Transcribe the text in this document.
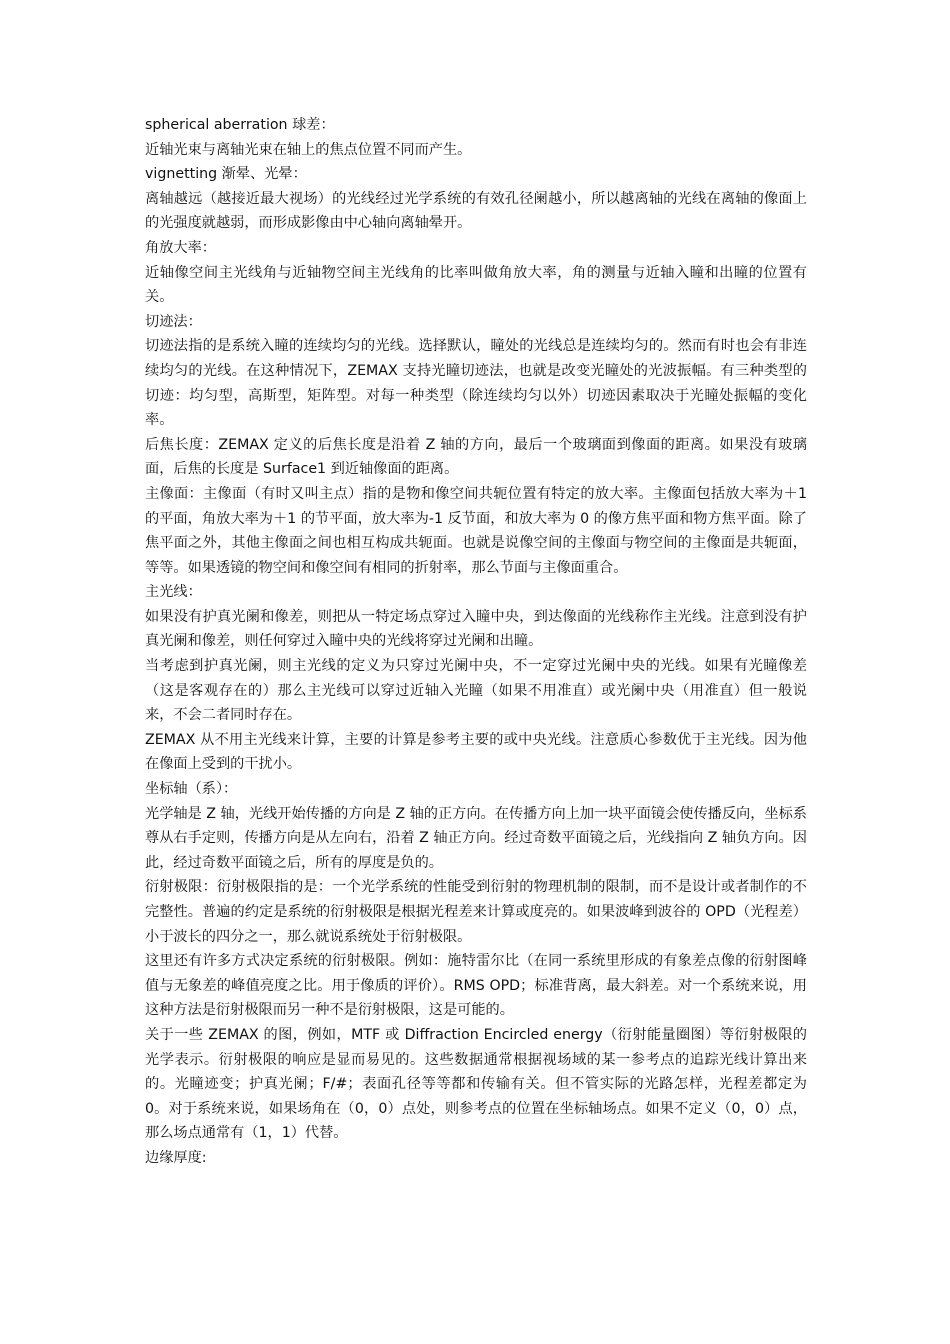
spherical aberration 球差：

近轴光束与离轴光束在轴上的焦点位置不同而产生。

vignetting 渐晕、光晕：

离轴越远（越接近最大视场）的光线经过光学系统的有效孔径阑越小，所以越离轴的光线在离轴的像面上的光强度就越弱，而形成影像由中心轴向离轴晕开。

角放大率：

近轴像空间主光线角与近轴物空间主光线角的比率叫做角放大率，角的测量与近轴入瞳和出瞳的位置有关。

切迹法：

切迹法指的是系统入瞳的连续均匀的光线。选择默认，瞳处的光线总是连续均匀的。然而有时也会有非连续均匀的光线。在这种情况下，ZEMAX 支持光瞳切迹法，也就是改变光瞳处的光波振幅。有三种类型的切迹：均匀型，高斯型，矩阵型。对每一种类型（除连续均匀以外）切迹因素取决于光瞳处振幅的变化率。

后焦长度：ZEMAX 定义的后焦长度是沿着 Z 轴的方向，最后一个玻璃面到像面的距离。如果没有玻璃面，后焦的长度是 Surface1 到近轴像面的距离。

主像面：主像面（有时又叫主点）指的是物和像空间共轭位置有特定的放大率。主像面包括放大率为＋1 的平面，角放大率为＋1 的节平面，放大率为-1 反节面，和放大率为 0 的像方焦平面和物方焦平面。除了焦平面之外，其他主像面之间也相互构成共轭面。也就是说像空间的主像面与物空间的主像面是共轭面，等等。如果透镜的物空间和像空间有相同的折射率，那么节面与主像面重合。

主光线：

如果没有护真光阑和像差，则把从一特定场点穿过入瞳中央，到达像面的光线称作主光线。注意到没有护真光阑和像差，则任何穿过入瞳中央的光线将穿过光阑和出瞳。

当考虑到护真光阑，则主光线的定义为只穿过光阑中央，不一定穿过光阑中央的光线。如果有光瞳像差（这是客观存在的）那么主光线可以穿过近轴入光瞳（如果不用准直）或光阑中央（用准直）但一般说来，不会二者同时存在。

ZEMAX 从不用主光线来计算，主要的计算是参考主要的或中央光线。注意质心参数优于主光线。因为他在像面上受到的干扰小。

坐标轴（系）：

光学轴是 Z 轴，光线开始传播的方向是 Z 轴的正方向。在传播方向上加一块平面镜会使传播反向，坐标系尊从右手定则，传播方向是从左向右，沿着 Z 轴正方向。经过奇数平面镜之后，光线指向 Z 轴负方向。因此，经过奇数平面镜之后，所有的厚度是负的。

衍射极限：衍射极限指的是：一个光学系统的性能受到衍射的物理机制的限制，而不是设计或者制作的不完整性。普遍的约定是系统的衍射极限是根据光程差来计算或度亮的。如果波峰到波谷的 OPD（光程差）小于波长的四分之一，那么就说系统处于衍射极限。

这里还有许多方式决定系统的衍射极限。例如：施特雷尔比（在同一系统里形成的有象差点像的衍射图峰值与无象差的峰值亮度之比。用于像质的评价）。RMS OPD；标准背离，最大斜差。对一个系统来说，用这种方法是衍射极限而另一种不是衍射极限，这是可能的。

关于一些 ZEMAX 的图，例如，MTF 或 Diffraction Encircled energy（衍射能量圈图）等衍射极限的光学表示。衍射极限的响应是显而易见的。这些数据通常根据视场域的某一参考点的追踪光线计算出来的。光瞳迹变；护真光阑；F/#；表面孔径等等都和传输有关。但不管实际的光路怎样，光程差都定为 0。对于系统来说，如果场角在（0，0）点处，则参考点的位置在坐标轴场点。如果不定义（0，0）点，那么场点通常有（1，1）代替。

边缘厚度:
